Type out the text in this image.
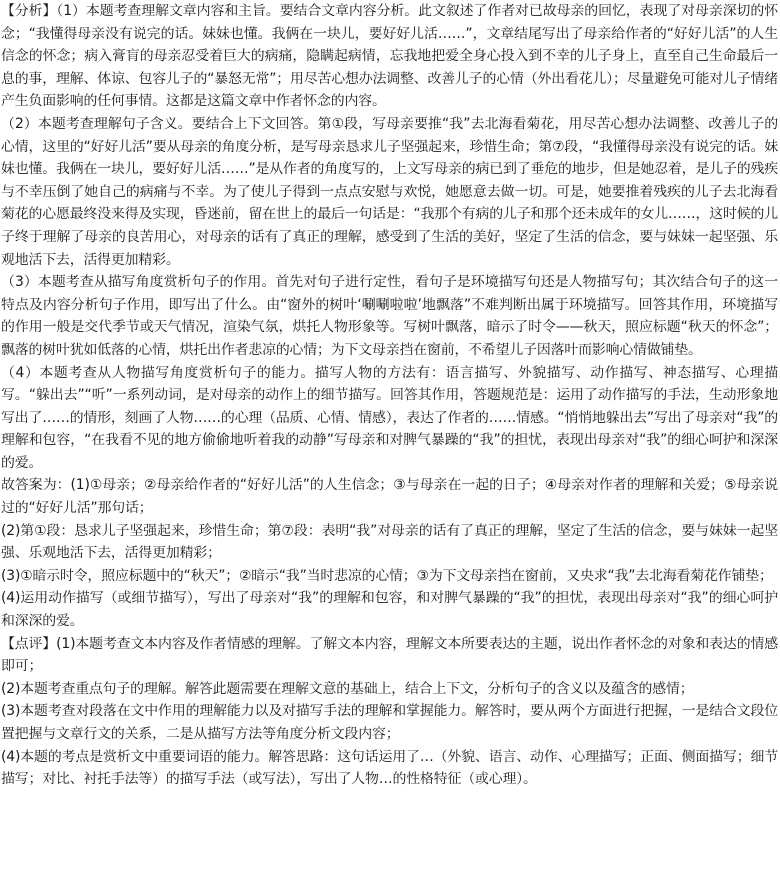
【分析】（1）本题考查理解文章内容和主旨。要结合文章内容分析。此文叙述了作者对已故母亲的回忆，表现了对母亲深切的怀念；“我懂得母亲没有说完的话。妹妹也懂。我俩在一块儿，要好好儿活……”，文章结尾写出了母亲给作者的“好好儿活”的人生信念的怀念；病入膏肓的母亲忍受着巨大的病痛，隐瞒起病情，忘我地把爱全身心投入到不幸的儿子身上，直至自己生命最后一息的事，理解、体谅、包容儿子的“暴怒无常”；用尽苦心想办法调整、改善儿子的心情（外出看花儿）；尽量避免可能对儿子情绪产生负面影响的任何事情。这都是这篇文章中作者怀念的内容。

（2）本题考查理解句子含义。要结合上下文回答。第①段，写母亲要推“我”去北海看菊花，用尽苦心想办法调整、改善儿子的心情，这里的“好好儿活”要从母亲的角度分析，是写母亲恳求儿子坚强起来，珍惜生命；第⑦段，“我懂得母亲没有说完的话。妹妹也懂。我俩在一块儿，要好好儿活……”是从作者的角度写的，上文写母亲的病已到了垂危的地步，但是她忍着，是儿子的残疾与不幸压倒了她自己的病痛与不幸。为了使儿子得到一点点安慰与欢悦，她愿意去做一切。可是，她要推着残疾的儿子去北海看菊花的心愿最终没来得及实现，昏迷前，留在世上的最后一句话是：“我那个有病的儿子和那个还未成年的女儿……，这时候的儿子终于理解了母亲的良苦用心，对母亲的话有了真正的理解，感受到了生活的美好，坚定了生活的信念，要与妹妹一起坚强、乐观地活下去，活得更加精彩。

（3）本题考查从描写角度赏析句子的作用。首先对句子进行定性，看句子是环境描写句还是人物描写句；其次结合句子的这一特点及内容分析句子作用，即写出了什么。由“窗外的树叶‘唰唰啦啦’地飘落”不难判断出属于环境描写。回答其作用，环境描写的作用一般是交代季节或天气情况，渲染气氛，烘托人物形象等。写树叶飘落，暗示了时令——秋天，照应标题“秋天的怀念”；飘落的树叶犹如低落的心情，烘托出作者悲凉的心情；为下文母亲挡在窗前，不希望儿子因落叶而影响心情做铺垫。

（4）本题考查从人物描写角度赏析句子的能力。描写人物的方法有：语言描写、外貌描写、动作描写、神态描写、心理描写。“躲出去”“听”一系列动词，是对母亲的动作上的细节描写。回答其作用，答题规范是：运用了动作描写的手法，生动形象地写出了……的情形，刻画了人物……的心理（品质、心情、情感），表达了作者的……情感。“悄悄地躲出去”写出了母亲对“我”的理解和包容，“在我看不见的地方偷偷地听着我的动静”写母亲和对脾气暴躁的“我”的担忧，表现出母亲对“我”的细心呵护和深深的爱。

故答案为：(1)①母亲；②母亲给作者的“好好儿活”的人生信念；③与母亲在一起的日子；④母亲对作者的理解和关爱；⑤母亲说过的“好好儿活”那句话；

(2)第①段：恳求儿子坚强起来，珍惜生命；第⑦段：表明“我”对母亲的话有了真正的理解，坚定了生活的信念，要与妹妹一起坚强、乐观地活下去，活得更加精彩；

(3)①暗示时令，照应标题中的“秋天”；②暗示“我”当时悲凉的心情；③为下文母亲挡在窗前，又央求“我”去北海看菊花作铺垫；

(4)运用动作描写（或细节描写），写出了母亲对“我”的理解和包容，和对脾气暴躁的“我”的担忧，表现出母亲对“我”的细心呵护和深深的爱。

【点评】(1)本题考查文本内容及作者情感的理解。了解文本内容，理解文本所要表达的主题，说出作者怀念的对象和表达的情感即可；

(2)本题考查重点句子的理解。解答此题需要在理解文意的基础上，结合上下文，分析句子的含义以及蕴含的感情；

(3)本题考查对段落在文中作用的理解能力以及对描写手法的理解和掌握能力。解答时，要从两个方面进行把握，一是结合文段位置把握与文章行文的关系，二是从描写方法等角度分析文段内容；

(4)本题的考点是赏析文中重要词语的能力。解答思路：这句话运用了…（外貌、语言、动作、心理描写；正面、侧面描写；细节描写；对比、衬托手法等）的描写手法（或写法），写出了人物…的性格特征（或心理）。
